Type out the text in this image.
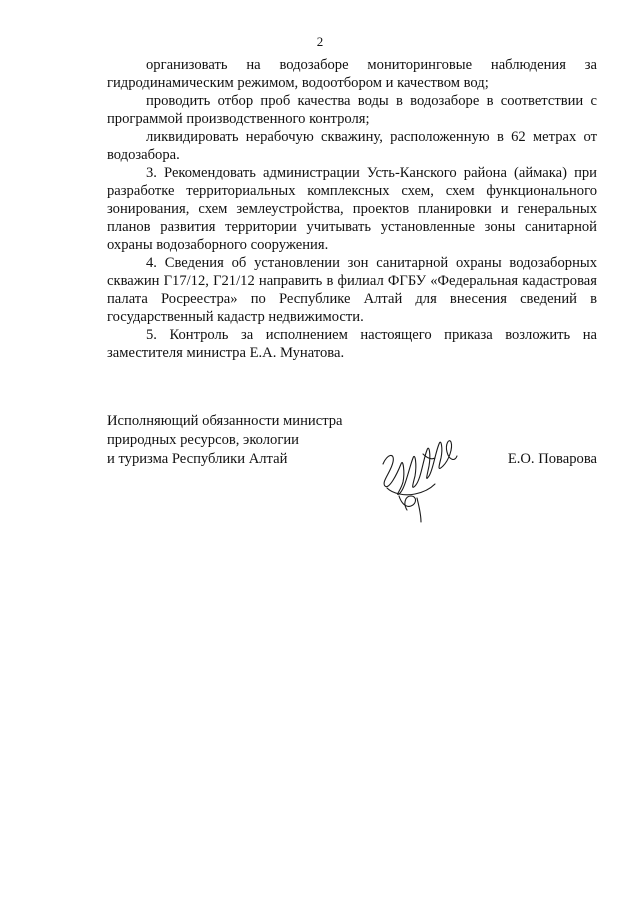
2

организовать на водозаборе мониторинговые наблюдения за гидродинамическим режимом, водоотбором и качеством вод;

проводить отбор проб качества воды в водозаборе в соответствии с программой производственного контроля;

ликвидировать нерабочую скважину, расположенную в 62 метрах от водозабора.

3. Рекомендовать администрации Усть-Канского района (аймака) при разработке территориальных комплексных схем, схем функционального зонирования, схем землеустройства, проектов планировки и генеральных планов развития территории учитывать установленные зоны санитарной охраны водозаборного сооружения.

4. Сведения об установлении зон санитарной охраны водозаборных скважин Г17/12, Г21/12 направить в филиал ФГБУ «Федеральная кадастровая палата Росреестра» по Республике Алтай для внесения сведений в государственный кадастр недвижимости.

5. Контроль за исполнением настоящего приказа возложить на заместителя министра Е.А. Мунатова.

Исполняющий обязанности министра
природных ресурсов, экологии
и туризма Республики Алтай	Е.О. Поварова
